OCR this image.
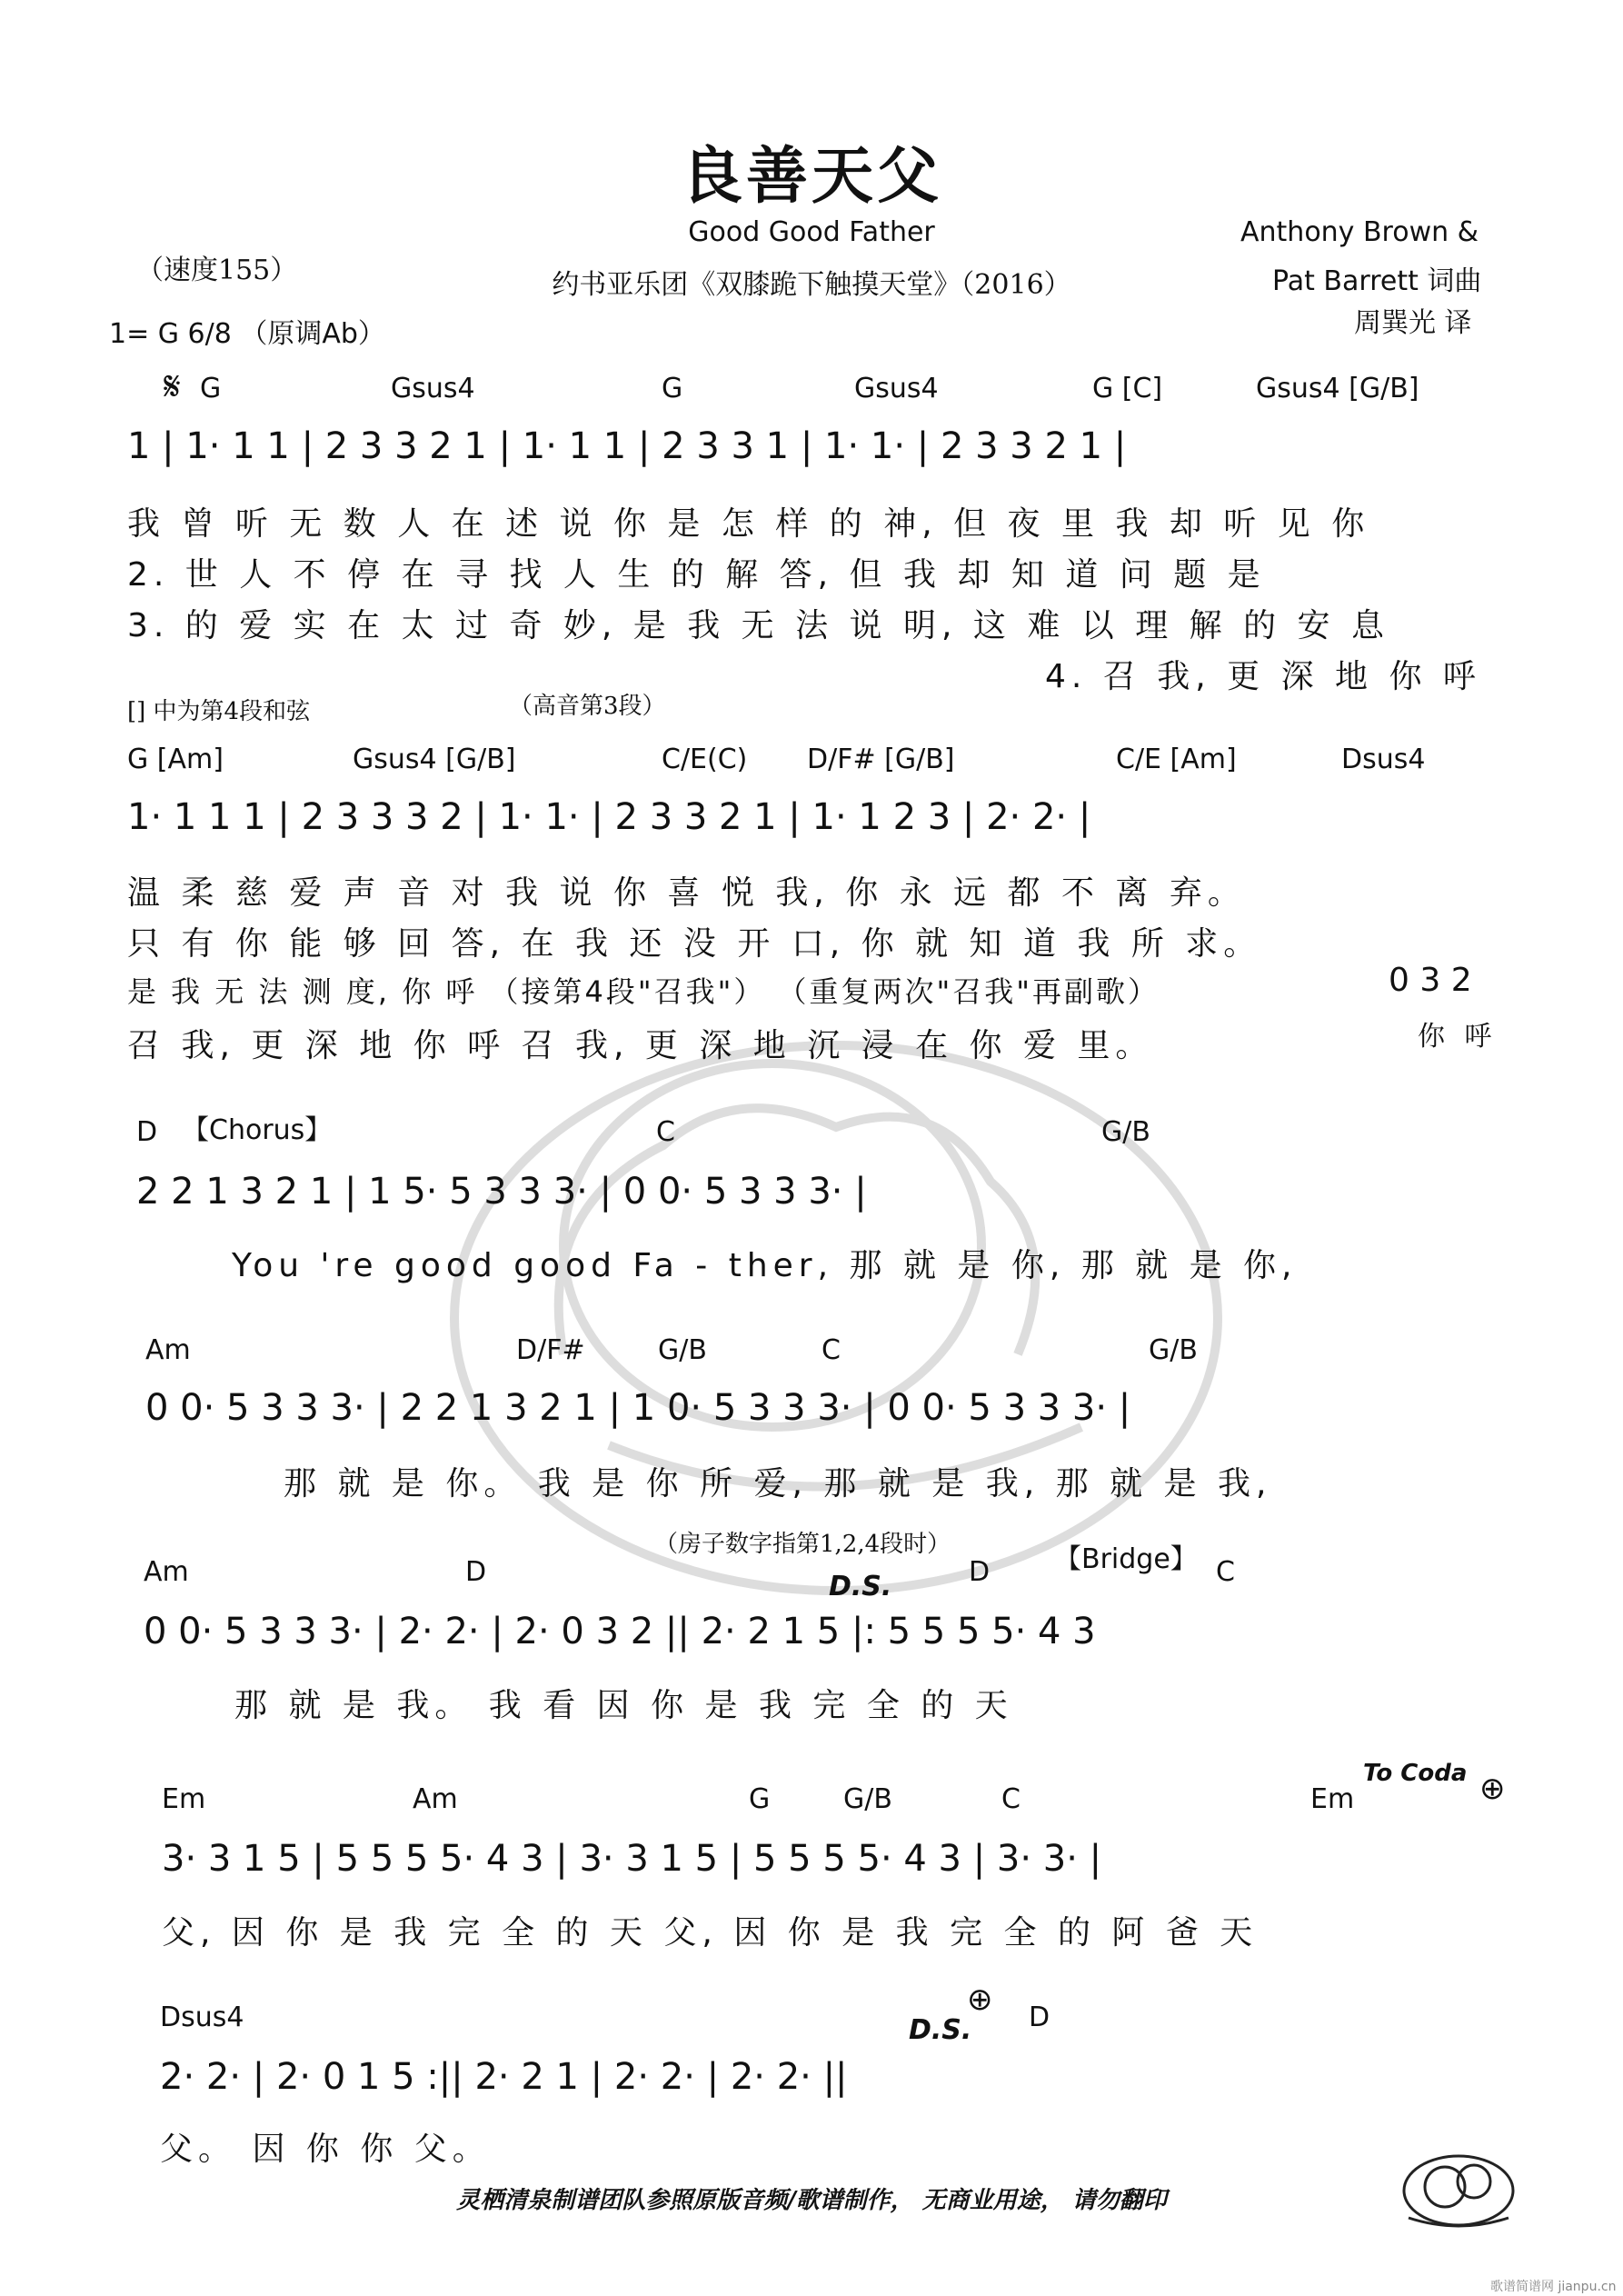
良善天父
Good Good Father
约书亚乐团《双膝跪下触摸天堂》（2016）
（速度155）
1= G 6/8 （原调Ab）
Anthony Brown &
Pat Barrett 词曲
周巽光 译
𝄋 G	Gsus4	G	Gsus4	G [C]	Gsus4 [G/B]
1 | 1· 1 1 | 2 3 3 2 1 | 1· 1 1 | 2 3 3 1 | 1· 1· | 2 3 3 2 1 |
我 曾 听 无 数 人 在 述 说 你 是 怎 样 的 神, 但 夜 里 我 却 听 见 你
2. 世 人 不 停 在 寻 找 人 生 的 解 答, 但 我 却 知 道 问 题 是
3. 的 爱 实 在 太 过 奇 妙, 是 我 无 法 说 明, 这 难 以 理 解 的 安 息
4. 召 我, 更 深 地 你 呼
[] 中为第4段和弦	（高音第3段）
G [Am]	Gsus4 [G/B]	C/E(C) D/F# [G/B]	C/E [Am]	Dsus4
1· 1 1 1 | 2 3 3 3 2 | 1· 1· | 2 3 3 2 1 | 1· 1 2 3 | 2· 2· |
温 柔 慈 爱 声 音 对 我 说 你 喜 悦 我, 你 永 远 都 不 离 弃。
只 有 你 能 够 回 答, 在 我 还 没 开 口, 你 就 知 道 我 所 求。
是 我 无 法 测 度, 你 呼 （接第4段"召我"） （重复两次"召我"再副歌）
召 我, 更 深 地 你 呼 召 我, 更 深 地 沉 浸 在 你 爱 里。
0 3 2
你 呼
D 【Chorus】	C	G/B
2 2 1 3 2 1 | 1 5· 5 3 3 3· | 0 0· 5 3 3 3· |
You 're good good Fa - ther, 那 就 是 你, 那 就 是 你,
Am	D/F#	G/B	C	G/B
0 0· 5 3 3 3· | 2 2 1 3 2 1 | 1 0· 5 3 3 3· | 0 0· 5 3 3 3· |
那 就 是 你。 我 是 你 所 爱, 那 就 是 我, 那 就 是 我,
（房子数字指第1,2,4段时）	【Bridge】
D.S.
Am	D	D	C
0 0· 5 3 3 3· | 2· 2· | 2· 0 3 2 || 2· 2 1 5 |: 5 5 5 5· 4 3
那 就 是 我。 我 看 因 你 是 我 完 全 的 天
To Coda ⊕
Em	Am	G	G/B	C	Em
3· 3 1 5 | 5 5 5 5· 4 3 | 3· 3 1 5 | 5 5 5 5· 4 3 | 3· 3· |
父, 因 你 是 我 完 全 的 天 父, 因 你 是 我 完 全 的 阿 爸 天
D.S.
⊕
Dsus4	D
2· 2· | 2· 0 1 5 :|| 2· 2 1 | 2· 2· | 2· 2· ||
父。 因 你 你 父。
灵栖清泉制谱团队参照原版音频/歌谱制作， 无商业用途， 请勿翻印
歌谱简谱网 jianpu.cn
